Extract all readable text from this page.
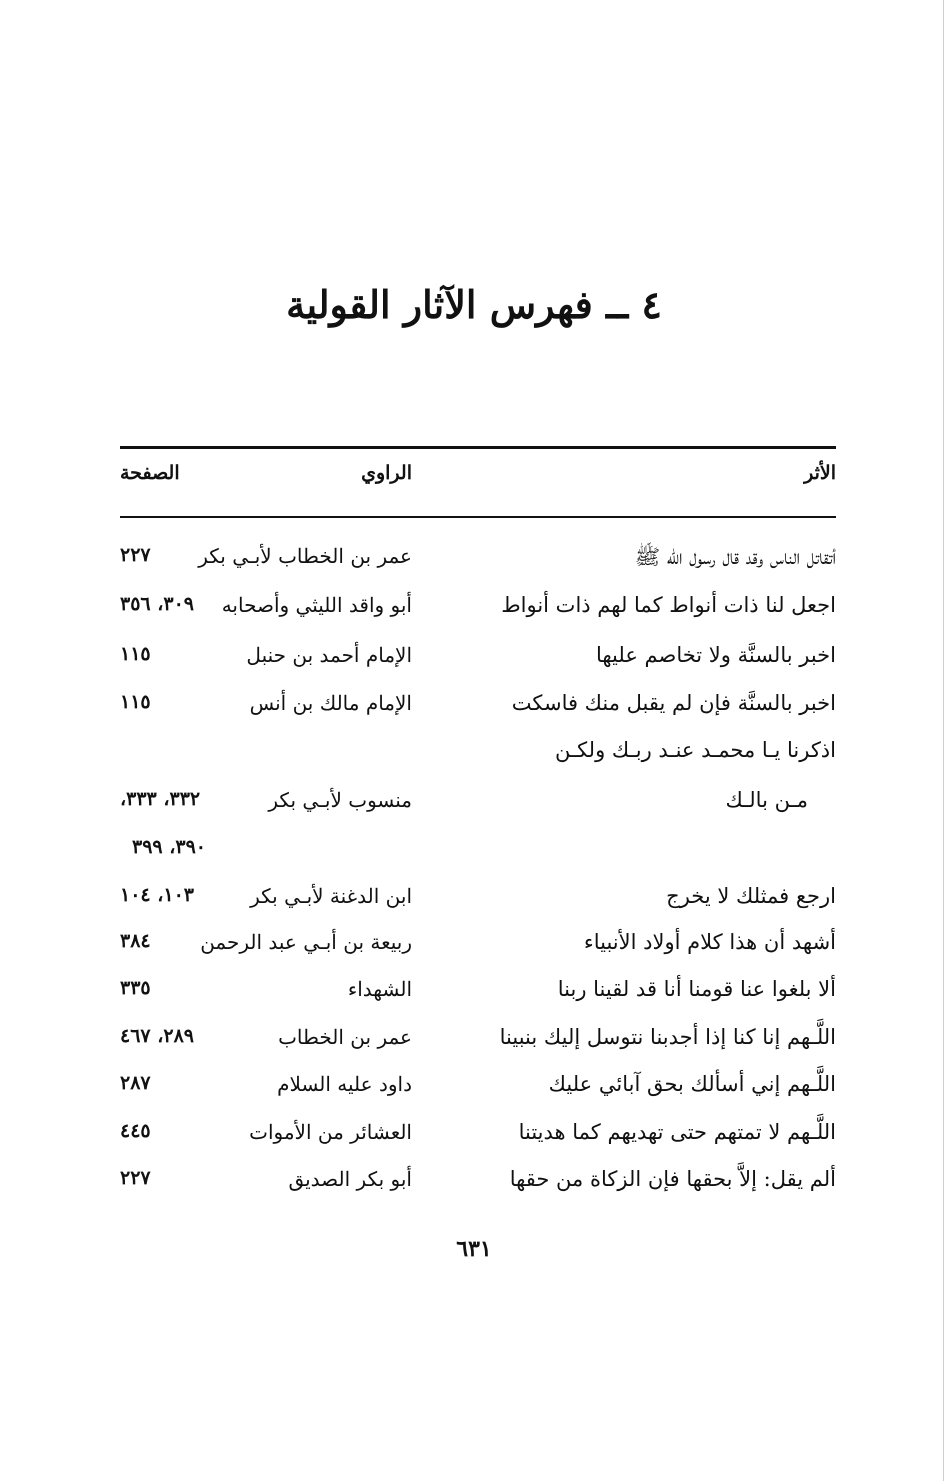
٤ ــ فهرس الآثار القولية
الأثر
الراوي
الصفحة
أتقاتل الناس وقد قال رسول الله ﷺ
عمر بن الخطاب لأبـي بكر
٢٢٧
اجعل لنا ذات أنواط كما لهم ذات أنواط
أبو واقد الليثي وأصحابه
٣٠٩، ٣٥٦
اخبر بالسنَّة ولا تخاصم عليها
الإمام أحمد بن حنبل
١١٥
اخبر بالسنَّة فإن لم يقبل منك فاسكت
الإمام مالك بن أنس
١١٥
اذكرنا يـا محمـد عنـد ربـك ولكـن
مـن بالـك
منسوب لأبـي بكر
٣٣٢، ٣٣٣،
٣٩٠، ٣٩٩
ارجع فمثلك لا يخرج
ابن الدغنة لأبـي بكر
١٠٣، ١٠٤
أشهد أن هذا كلام أولاد الأنبياء
ربيعة بن أبـي عبد الرحمن
٣٨٤
ألا بلغوا عنا قومنا أنا قد لقينا ربنا
الشهداء
٣٣٥
اللَّـهم إنا كنا إذا أجدبنا نتوسل إليك بنبينا
عمر بن الخطاب
٢٨٩، ٤٦٧
اللَّـهم إني أسألك بحق آبائي عليك
داود عليه السلام
٢٨٧
اللَّـهم لا تمتهم حتى تهديهم كما هديتنا
العشائر من الأموات
٤٤٥
ألم يقل: إلاَّ بحقها فإن الزكاة من حقها
أبو بكر الصديق
٢٢٧
٦٣١
